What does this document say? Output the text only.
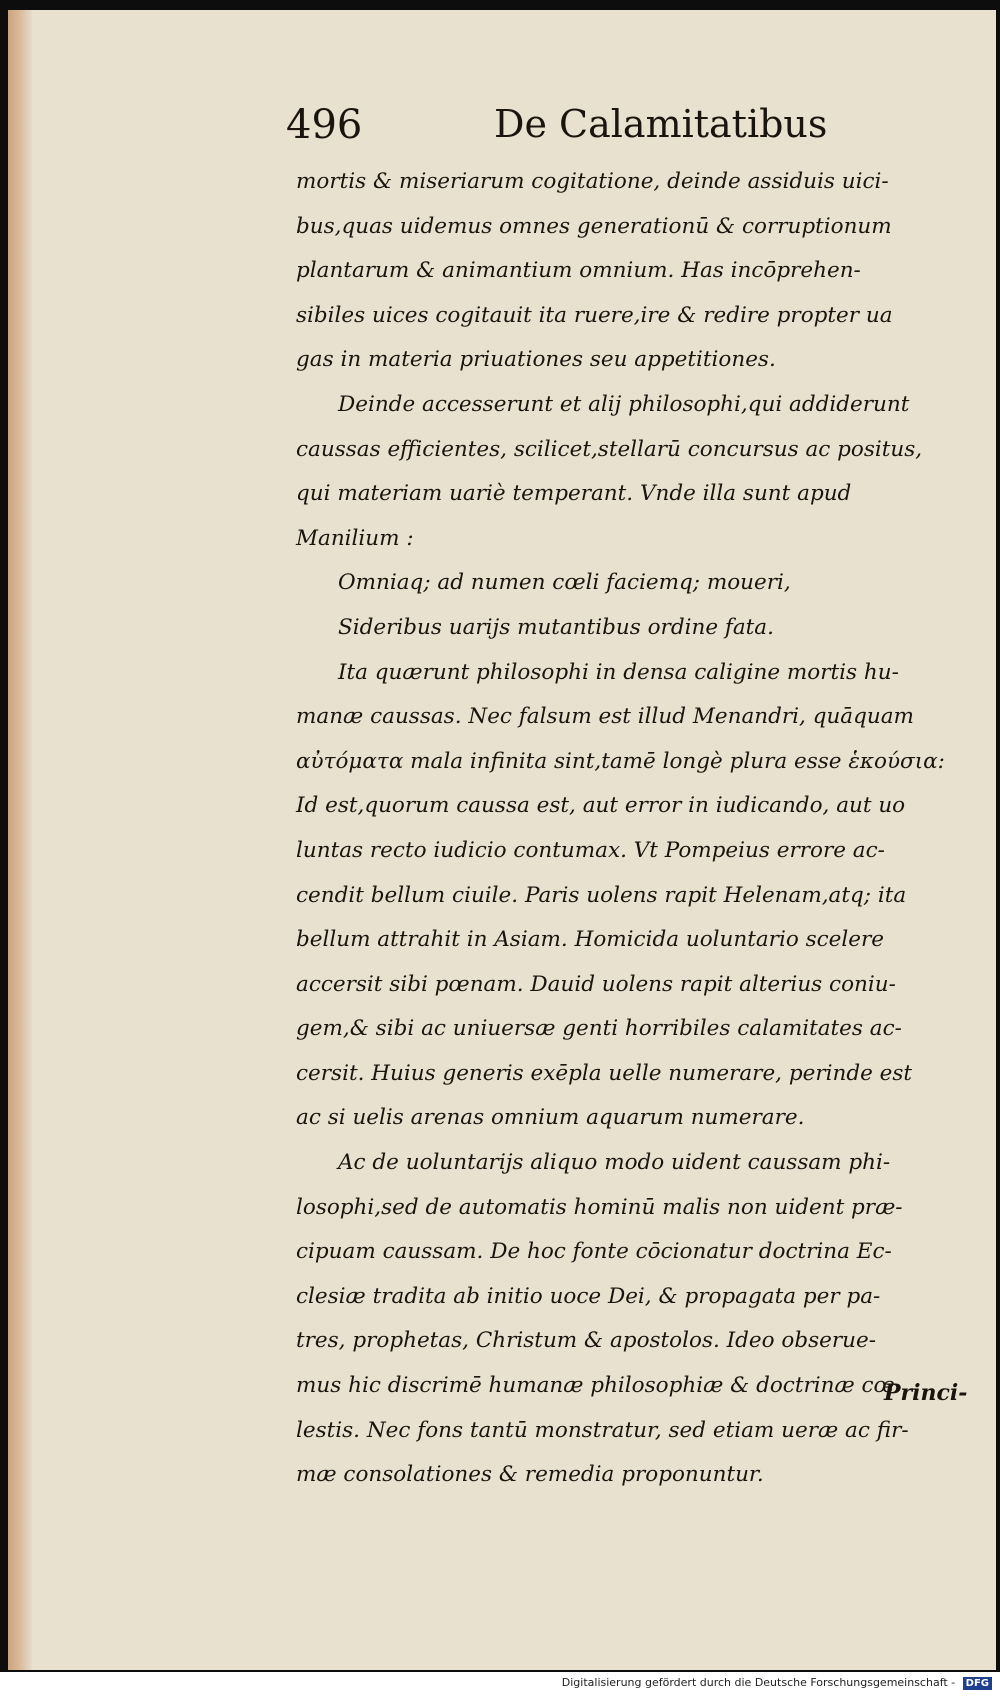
496	De Calamitatibus
mortis & miseriarum cogitatione, deinde assiduis uici-
bus,quas uidemus omnes generationū & corruptionum
plantarum & animantium omnium. Has incōprehen-
sibiles uices cogitauit ita ruere,ire & redire propter ua
gas in materia priuationes seu appetitiones.
Deinde accesserunt et alij philosophi,qui addiderunt
caussas efficientes, scilicet,stellarū concursus ac positus,
qui materiam uariè temperant. Vnde illa sunt apud
Manilium :
Omniaq; ad numen cœli faciemq; moueri,
Sideribus uarijs mutantibus ordine fata.
Ita quærunt philosophi in densa caligine mortis hu-
manæ caussas. Nec falsum est illud Menandri, quāquam
αὐτόματα mala infinita sint,tamē longè plura esse ἑκούσια:
Id est,quorum caussa est, aut error in iudicando, aut uo
luntas recto iudicio contumax. Vt Pompeius errore ac-
cendit bellum ciuile. Paris uolens rapit Helenam,atq; ita
bellum attrahit in Asiam. Homicida uoluntario scelere
accersit sibi pœnam. Dauid uolens rapit alterius coniu-
gem,& sibi ac uniuersæ genti horribiles calamitates ac-
cersit. Huius generis exēpla uelle numerare, perinde est
ac si uelis arenas omnium aquarum numerare.
Ac de uoluntarijs aliquo modo uident caussam phi-
losophi,sed de automatis hominū malis non uident præ-
cipuam caussam. De hoc fonte cōcionatur doctrina Ec-
clesiæ tradita ab initio uoce Dei, & propagata per pa-
tres, prophetas, Christum & apostolos. Ideo obserue-
mus hic discrimē humanæ philosophiæ & doctrinæ cœ
lestis. Nec fons tantū monstratur, sed etiam ueræ ac fir-
mæ consolationes & remedia proponuntur.
Princi-
Digitalisierung gefördert durch die Deutsche Forschungsgemeinschaft - DFG
